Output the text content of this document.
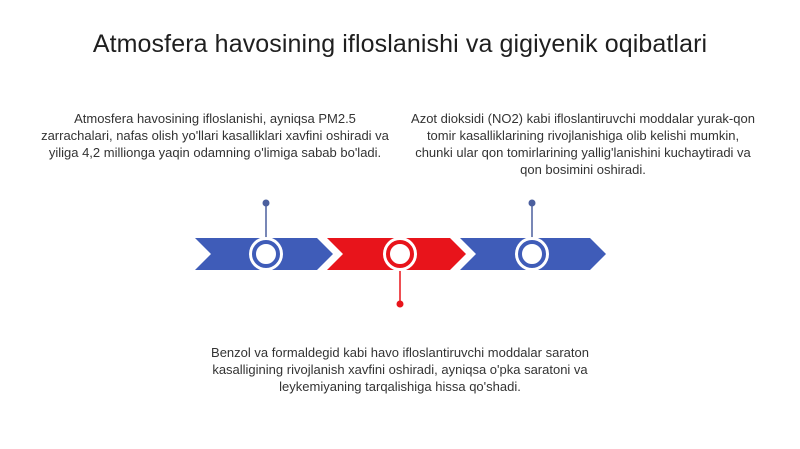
Atmosfera havosining ifloslanishi va gigiyenik oqibatlari
Atmosfera havosining ifloslanishi, ayniqsa PM2.5 zarrachalari, nafas olish yo'llari kasalliklari xavfini oshiradi va yiliga 4,2 millionga yaqin odamning o'limiga sabab bo'ladi.
Azot dioksidi (NO2) kabi ifloslantiruvchi moddalar yurak-qon tomir kasalliklarining rivojlanishiga olib kelishi mumkin, chunki ular qon tomirlarining yallig'lanishini kuchaytiradi va qon bosimini oshiradi.
Benzol va formaldegid kabi havo ifloslantiruvchi moddalar saraton kasalligining rivojlanish xavfini oshiradi, ayniqsa o'pka saratoni va leykemiyaning tarqalishiga hissa qo'shadi.
